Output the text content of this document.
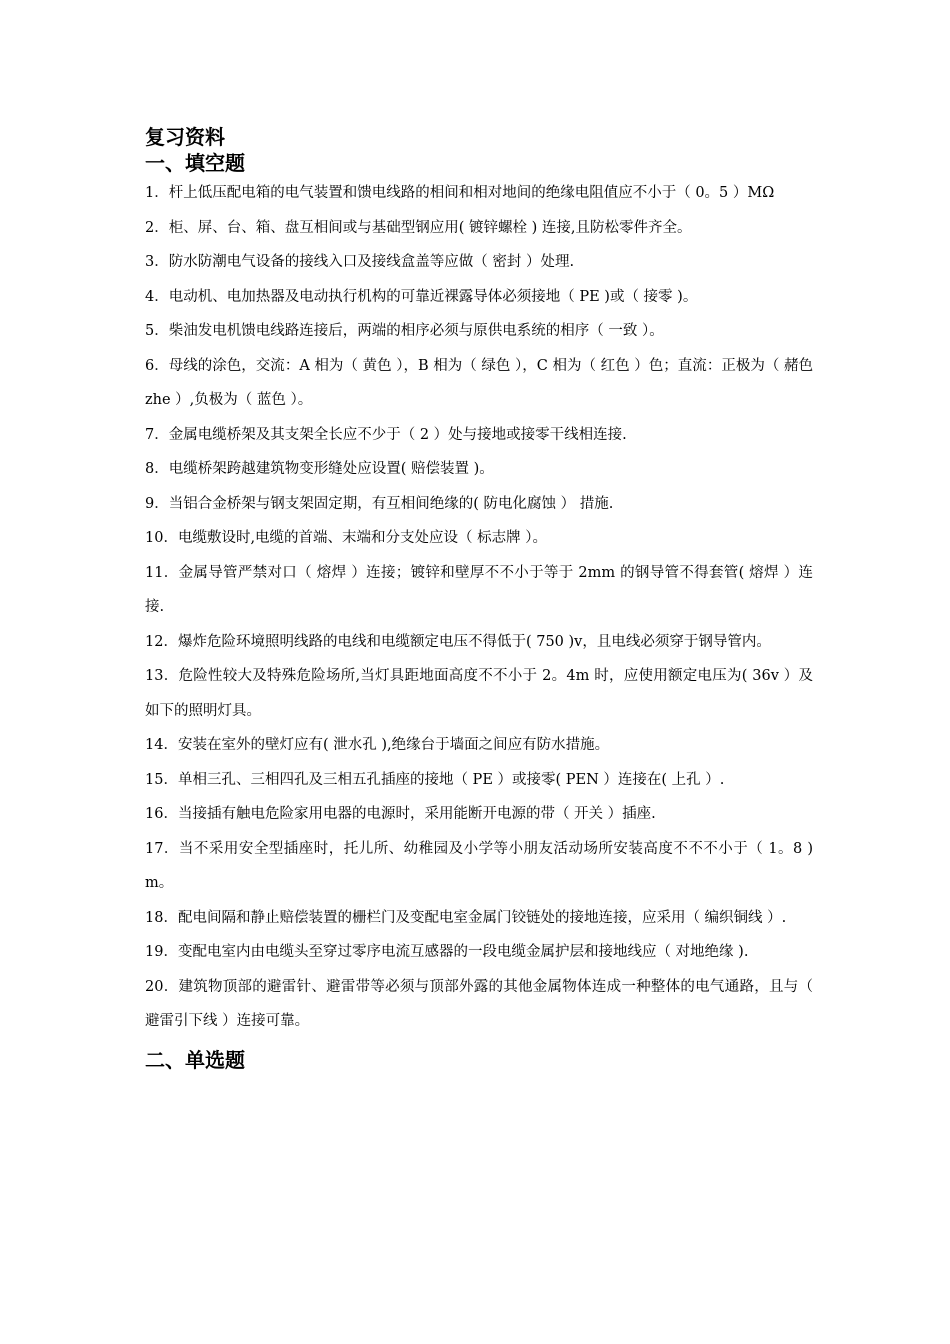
复习资料
一、填空题
1．杆上低压配电箱的电气装置和馈电线路的相间和相对地间的绝缘电阻值应不小于（ 0。5 ）MΩ
2．柜、屏、台、箱、盘互相间或与基础型钢应用( 镀锌螺栓 ) 连接,且防松零件齐全。
3．防水防潮电气设备的接线入口及接线盒盖等应做（ 密封 ）处理.
4．电动机、电加热器及电动执行机构的可靠近裸露导体必须接地（ PE )或（ 接零 )。
5．柴油发电机馈电线路连接后，两端的相序必须与原供电系统的相序（ 一致 ）。
6．母线的涂色，交流：A 相为（ 黄色 ），B 相为（ 绿色 ），C 相为（ 红色 ）色；直流：正极为（ 赭色 zhe ）,负极为（ 蓝色 ）。
7．金属电缆桥架及其支架全长应不少于（ 2 ）处与接地或接零干线相连接.
8．电缆桥架跨越建筑物变形缝处应设置( 赔偿装置 )。
9．当铝合金桥架与钢支架固定期，有互相间绝缘的( 防电化腐蚀 ） 措施.
10．电缆敷设时,电缆的首端、末端和分支处应设（ 标志牌 ）。
11．金属导管严禁对口（ 熔焊 ）连接；镀锌和壁厚不不小于等于 2mm 的钢导管不得套管( 熔焊 ）连接.
12．爆炸危险环境照明线路的电线和电缆额定电压不得低于( 750 )v，且电线必须穿于钢导管内。
13．危险性较大及特殊危险场所,当灯具距地面高度不不小于 2。4m 时，应使用额定电压为( 36v ）及如下的照明灯具。
14．安装在室外的壁灯应有( 泄水孔 ),绝缘台于墙面之间应有防水措施。
15．单相三孔、三相四孔及三相五孔插座的接地（ PE ）或接零( PEN ）连接在( 上孔 ）.
16．当接插有触电危险家用电器的电源时，采用能断开电源的带（ 开关 ）插座.
17．当不采用安全型插座时，托儿所、幼稚园及小学等小朋友活动场所安装高度不不不小于（ 1。8 )m。
18．配电间隔和静止赔偿装置的栅栏门及变配电室金属门铰链处的接地连接，应采用（ 编织铜线 ）.
19．变配电室内由电缆头至穿过零序电流互感器的一段电缆金属护层和接地线应（ 对地绝缘 ).
20．建筑物顶部的避雷针、避雷带等必须与顶部外露的其他金属物体连成一种整体的电气通路，且与（ 避雷引下线 ）连接可靠。
二、单选题
